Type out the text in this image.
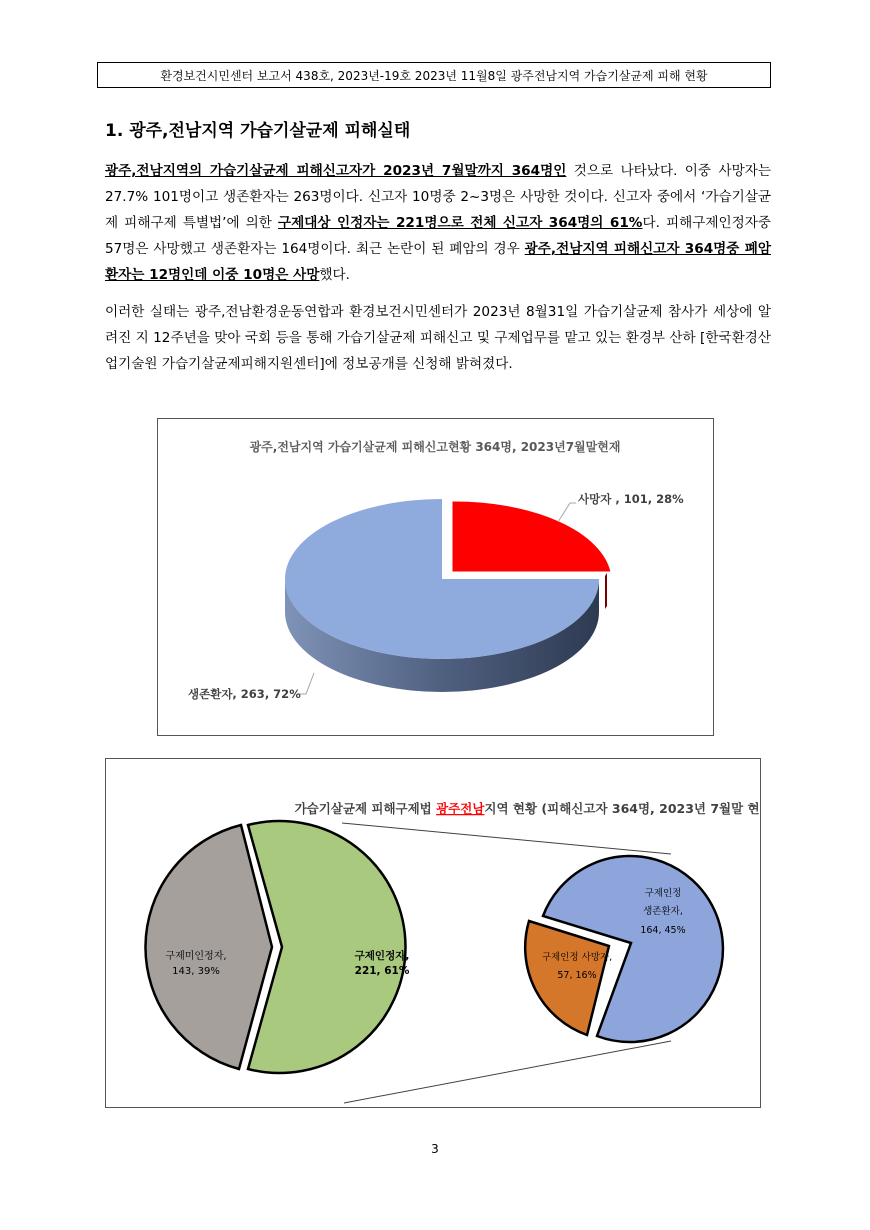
환경보건시민센터 보고서 438호, 2023년-19호 2023년 11월8일 광주전남지역 가습기살균제 피해 현황
1. 광주,전남지역 가습기살균제 피해실태
광주,전남지역의 가습기살균제 피해신고자가 2023년 7월말까지 364명인 것으로 나타났다. 이중 사망자는 27.7% 101명이고 생존환자는 263명이다. 신고자 10명중 2~3명은 사망한 것이다. 신고자 중에서 ‘가습기살균제 피해구제 특별법’에 의한 구제대상 인정자는 221명으로 전체 신고자 364명의 61%다. 피해구제인정자중 57명은 사망했고 생존환자는 164명이다. 최근 논란이 된 폐암의 경우 광주,전남지역 피해신고자 364명중 폐암환자는 12명인데 이중 10명은 사망했다.
이러한 실태는 광주,전남환경운동연합과 환경보건시민센터가 2023년 8월31일 가습기살균제 참사가 세상에 알려진 지 12주년을 맞아 국회 등을 통해 가습기살균제 피해신고 및 구제업무를 맡고 있는 환경부 산하 [한국환경산업기술원 가습기살균제피해지원센터]에 정보공개를 신청해 밝혀졌다.
광주,전남지역 가습기살균제 피해신고현황 364명, 2023년7월말현재
사망자 , 101, 28%
생존환자, 263, 72%
가습기살균제 피해구제법 광주전남지역 현황 (피해신고자 364명, 2023년 7월말 현재)
구제미인정자,
143, 39%
구제인정자,
221, 61%
구제인정
생존환자,
164, 45%
구제인정 사망자,
57, 16%
3
